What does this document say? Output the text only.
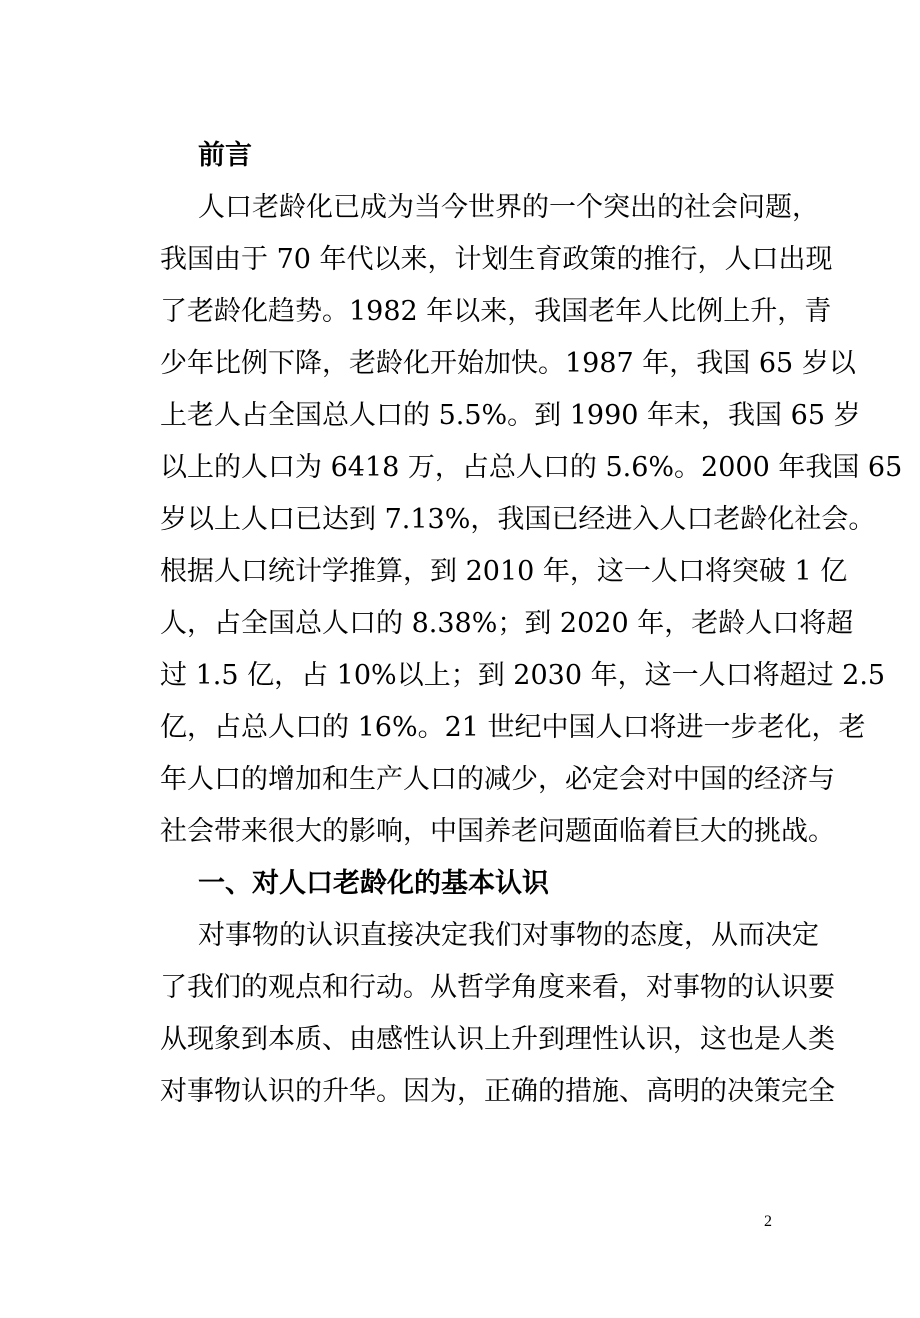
前言
人口老龄化已成为当今世界的一个突出的社会问题，
我国由于 70 年代以来，计划生育政策的推行，人口出现
了老龄化趋势。1982 年以来，我国老年人比例上升，青
少年比例下降，老龄化开始加快。1987 年，我国 65 岁以
上老人占全国总人口的 5.5%。到 1990 年末，我国 65 岁
以上的人口为 6418 万，占总人口的 5.6%。2000 年我国 65
岁以上人口已达到 7.13%，我国已经进入人口老龄化社会。
根据人口统计学推算，到 2010 年，这一人口将突破 1 亿
人，占全国总人口的 8.38%；到 2020 年，老龄人口将超
过 1.5 亿，占 10%以上；到 2030 年，这一人口将超过 2.5
亿，占总人口的 16%。21 世纪中国人口将进一步老化，老
年人口的增加和生产人口的减少，必定会对中国的经济与
社会带来很大的影响，中国养老问题面临着巨大的挑战。
一、对人口老龄化的基本认识
对事物的认识直接决定我们对事物的态度，从而决定
了我们的观点和行动。从哲学角度来看，对事物的认识要
从现象到本质、由感性认识上升到理性认识，这也是人类
对事物认识的升华。因为，正确的措施、高明的决策完全
2
